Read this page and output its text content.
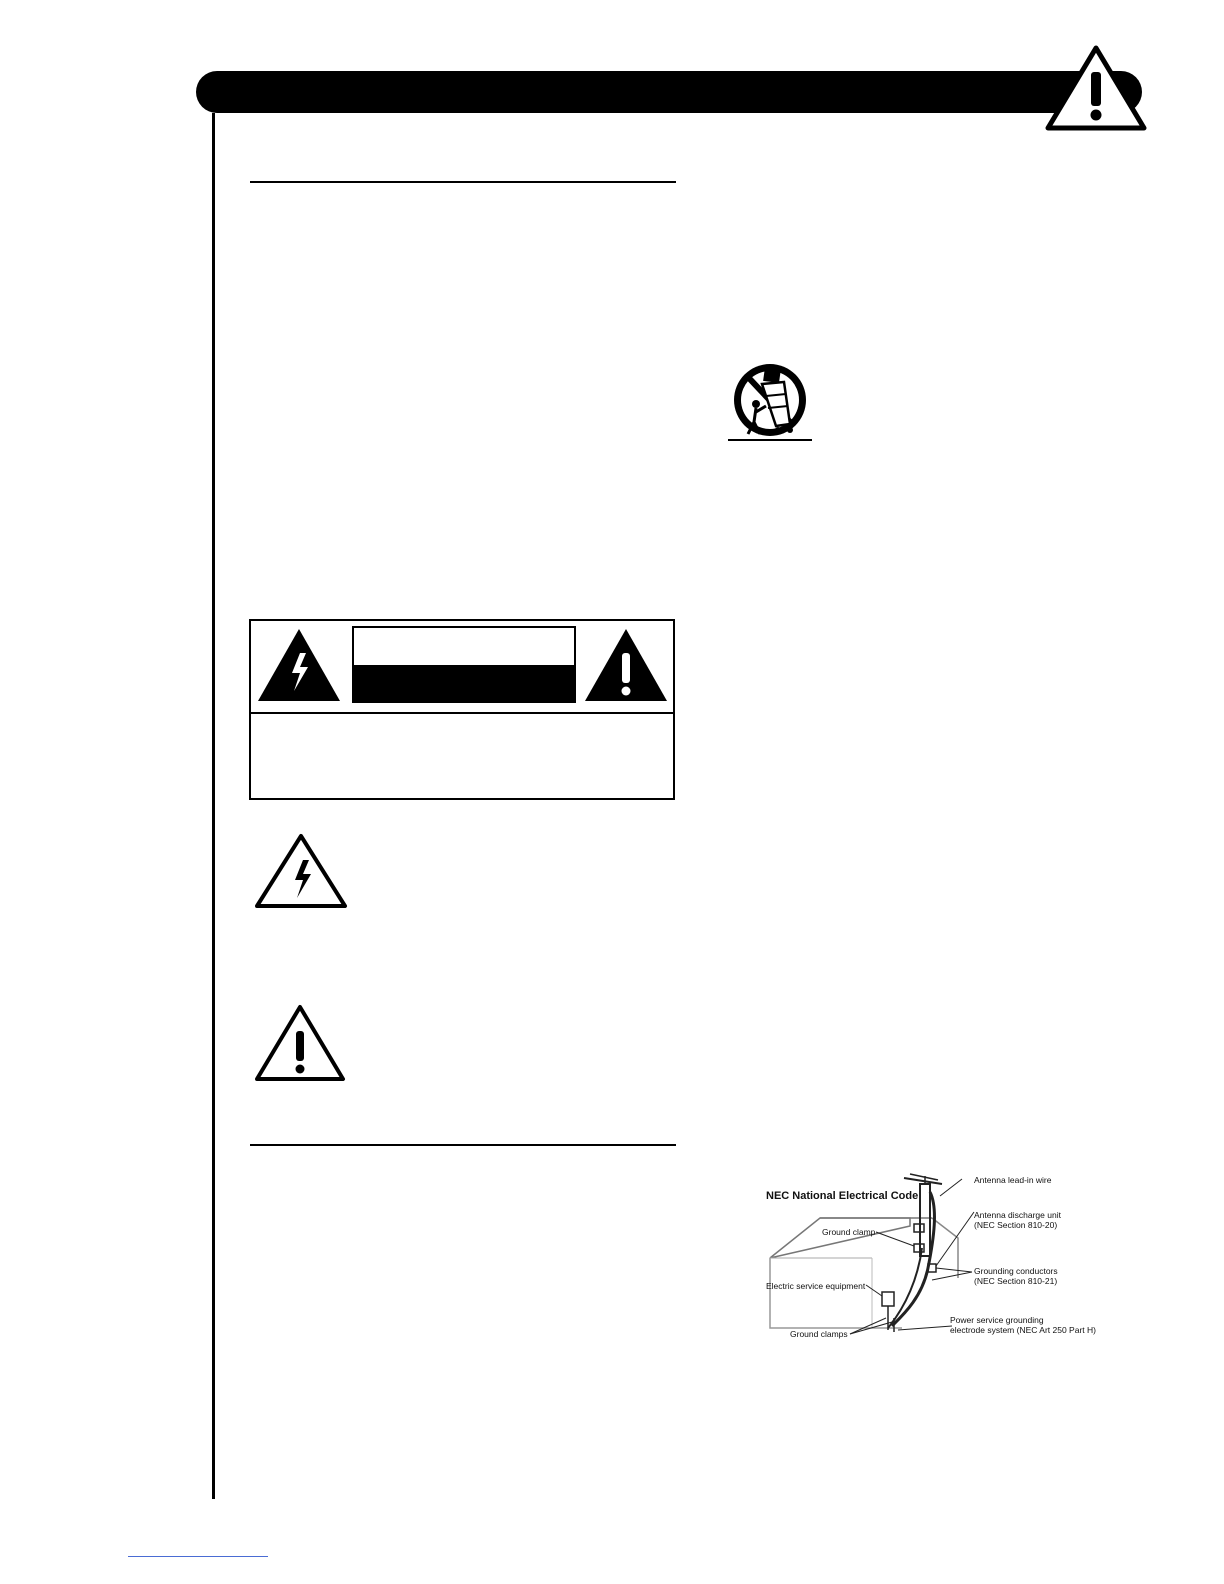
NEC National Electrical Code
Antenna lead-in wire
Antenna discharge unit
(NEC Section 810-20)
Ground clamp
Grounding conductors
(NEC Section 810-21)
Electric service equipment
Power service grounding
electrode system (NEC Art 250 Part H)
Ground clamps
